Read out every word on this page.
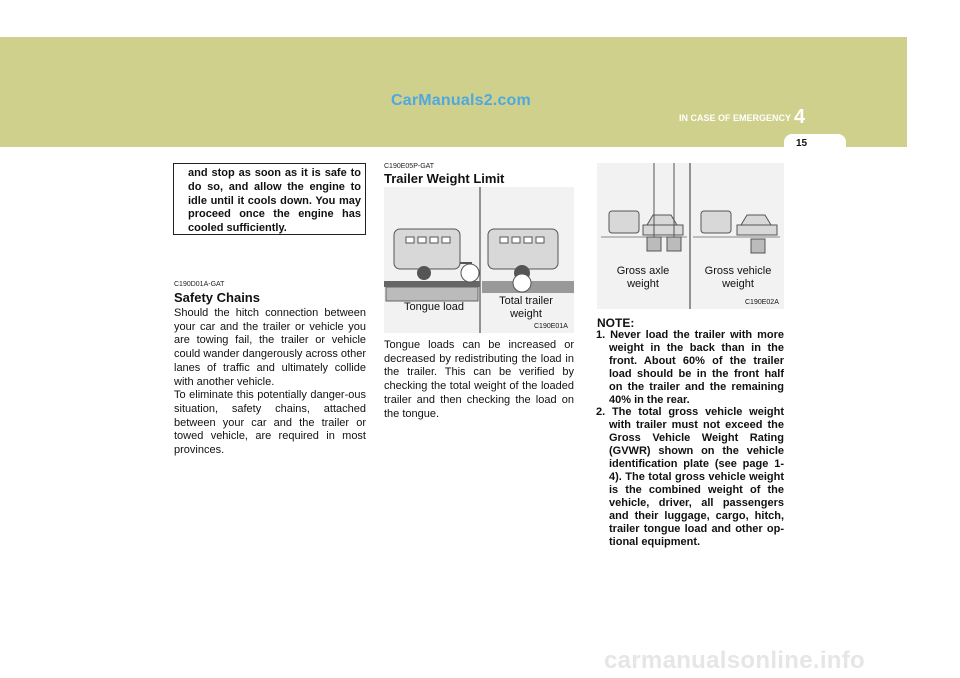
CarManuals2.com
IN CASE OF EMERGENCY 4
15
and stop as soon as it is safe to do so, and allow the engine to idle until it cools down. You may proceed once the engine has cooled sufficiently.
C190D01A-GAT
Safety Chains
Should the hitch connection between your car and the trailer or vehicle you are towing fail, the trailer or vehicle could wander dangerously across other lanes of traffic and ultimately collide with another vehicle.
To eliminate this potentially danger-ous situation, safety chains, attached between your car and the trailer or towed vehicle, are required in most provinces.
C190E05P-GAT
Trailer Weight Limit
Tongue load	Total trailer weight
C190E01A
Tongue loads can be increased or decreased by redistributing the load in the trailer. This can be verified by checking the total weight of the loaded trailer and then checking the load on the tongue.
Gross axle weight
Gross vehicle weight
C190E02A
NOTE:
1. Never load the trailer with more weight in the back than in the front. About 60% of the trailer load should be in the front half on the trailer and the remaining 40% in the rear.
2. The total gross vehicle weight with trailer must not exceed the Gross Vehicle Weight Rating (GVWR) shown on the vehicle identification plate (see page 1-4). The total gross vehicle weight is the combined weight of the vehicle, driver, all passengers and their luggage, cargo, hitch, trailer tongue load and other op-tional equipment.
carmanualsonline.info
